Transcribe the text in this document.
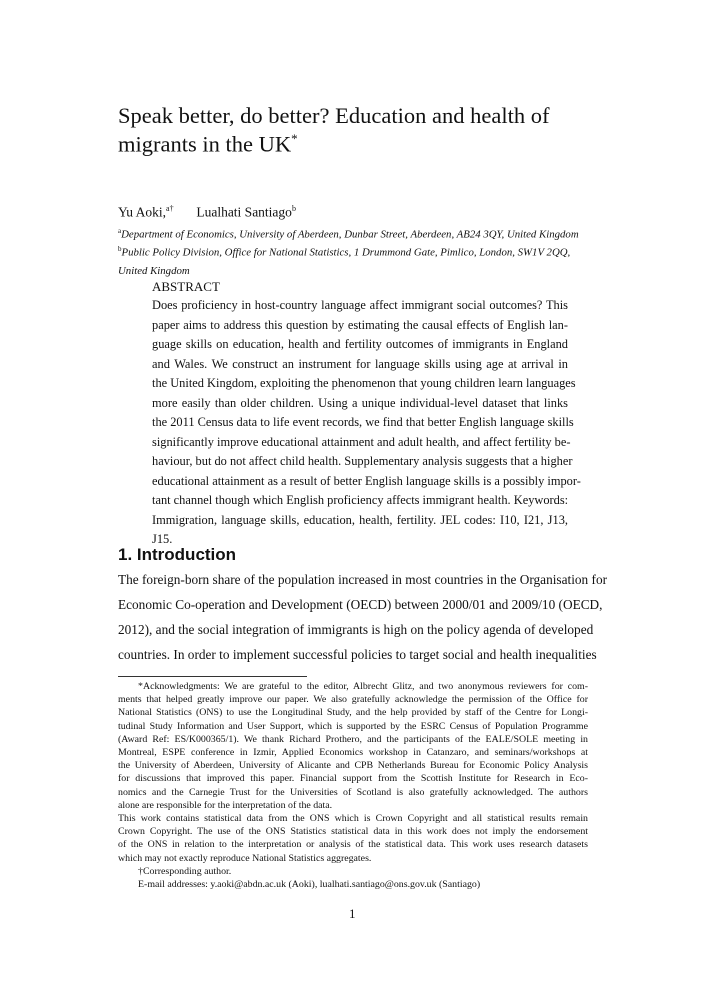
Speak better, do better? Education and health of migrants in the UK*
Yu Aoki,$^{a\dagger}$ Lualhati Santiago$^b$
$^a$Department of Economics, University of Aberdeen, Dunbar Street, Aberdeen, AB24 3QY, United Kingdom
$^b$Public Policy Division, Office for National Statistics, 1 Drummond Gate, Pimlico, London, SW1V 2QQ, United Kingdom
ABSTRACT
Does proficiency in host-country language affect immigrant social outcomes? This
paper aims to address this question by estimating the causal effects of English lan-
guage skills on education, health and fertility outcomes of immigrants in England
and Wales. We construct an instrument for language skills using age at arrival in
the United Kingdom, exploiting the phenomenon that young children learn languages
more easily than older children. Using a unique individual-level dataset that links
the 2011 Census data to life event records, we find that better English language skills
significantly improve educational attainment and adult health, and affect fertility be-
haviour, but do not affect child health. Supplementary analysis suggests that a higher
educational attainment as a result of better English language skills is a possibly impor-
tant channel though which English proficiency affects immigrant health. Keywords:
Immigration, language skills, education, health, fertility. JEL codes: I10, I21, J13,
J15.
1. Introduction
The foreign-born share of the population increased in most countries in the Organisation for
Economic Co-operation and Development (OECD) between 2000/01 and 2009/10 (OECD,
2012), and the social integration of immigrants is high on the policy agenda of developed
countries. In order to implement successful policies to target social and health inequalities
*Acknowledgments: We are grateful to the editor, Albrecht Glitz, and two anonymous reviewers for com-
ments that helped greatly improve our paper. We also gratefully acknowledge the permission of the Office for
National Statistics (ONS) to use the Longitudinal Study, and the help provided by staff of the Centre for Longi-
tudinal Study Information and User Support, which is supported by the ESRC Census of Population Programme
(Award Ref: ES/K000365/1). We thank Richard Prothero, and the participants of the EALE/SOLE meeting in
Montreal, ESPE conference in Izmir, Applied Economics workshop in Catanzaro, and seminars/workshops at
the University of Aberdeen, University of Alicante and CPB Netherlands Bureau for Economic Policy Analysis
for discussions that improved this paper. Financial support from the Scottish Institute for Research in Eco-
nomics and the Carnegie Trust for the Universities of Scotland is also gratefully acknowledged. The authors
alone are responsible for the interpretation of the data.
This work contains statistical data from the ONS which is Crown Copyright and all statistical results remain
Crown Copyright. The use of the ONS Statistics statistical data in this work does not imply the endorsement
of the ONS in relation to the interpretation or analysis of the statistical data. This work uses research datasets
which may not exactly reproduce National Statistics aggregates.
†Corresponding author.
E-mail addresses: y.aoki@abdn.ac.uk (Aoki), lualhati.santiago@ons.gov.uk (Santiago)
1
